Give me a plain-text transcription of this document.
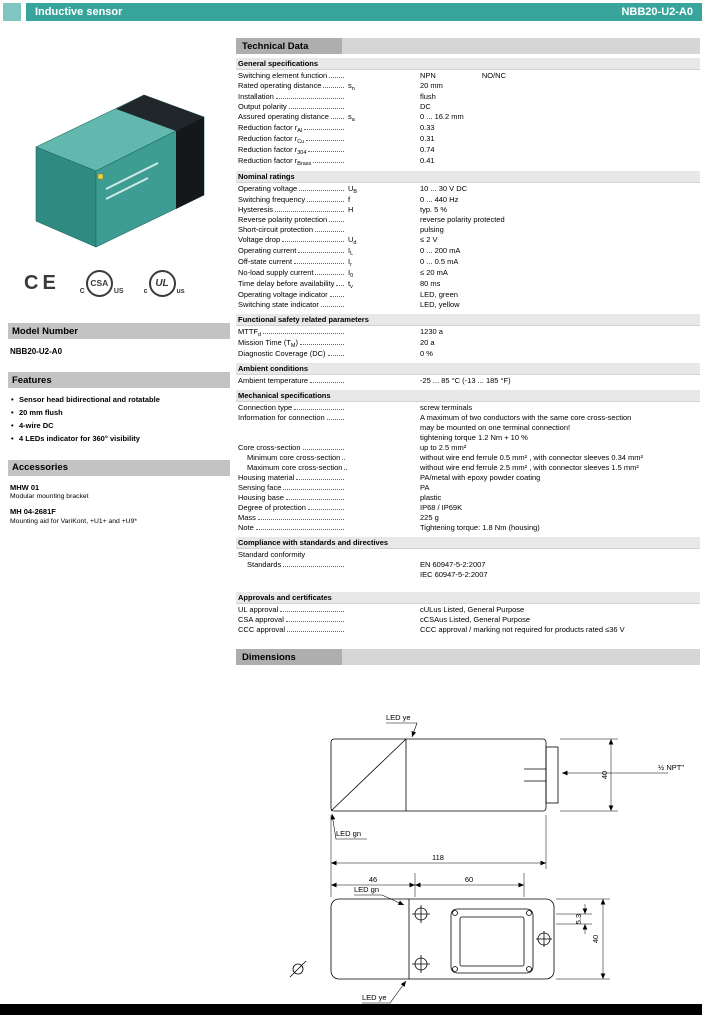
Inductive sensor	NBB20-U2-A0
CE	C
CSA
US	c
UL
us
Model Number
NBB20-U2-A0
Features
• Sensor head bidirectional and rotatable
• 20 mm flush
• 4-wire DC
• 4 LEDs indicator for 360° visibility
Accessories
MHW 01
Modular mounting bracket
MH 04-2681F
Mounting aid for VariKont, +U1+ and +U9*
Technical Data
General specifications
Switching element function	NPN	NO/NC
Rated operating distance	$s_n$	20 mm
Installation	flush
Output polarity	DC
Assured operating distance	$s_a$	0 ... 16.2 mm
Reduction factor $r_{Al}$	0.33
Reduction factor $r_{Cu}$	0.31
Reduction factor $r_{304}$	0.74
Reduction factor $r_{Brass}$	0.41
Nominal ratings
Operating voltage	$U_B$	10 ... 30 V DC
Switching frequency	f	0 ... 440 Hz
Hysteresis	H	typ. 5 %
Reverse polarity protection	reverse polarity protected
Short-circuit protection	pulsing
Voltage drop	$U_d$	≤ 2 V
Operating current	$I_L$	0 ... 200 mA
Off-state current	$I_r$	0 ... 0.5 mA
No-load supply current	$I_0$	≤ 20 mA
Time delay before availability $t_v$	80 ms
Operating voltage indicator	LED, green
Switching state indicator	LED, yellow
Functional safety related parameters
$MTTF_d$	1230 a
Mission Time $(T_M)$	20 a
Diagnostic Coverage (DC)	0 %
Ambient conditions
Ambient temperature	-25 ... 85 °C (-13 ... 185 °F)
Mechanical specifications
Connection type	screw terminals
Information for connection	A maximum of two conductors with the same core cross-section
may be mounted on one terminal connection!
tightening torque 1.2 Nm + 10 %
Core cross-section	up to 2.5 mm²
Minimum core cross-section	without wire end ferrule 0.5 mm² , with connector sleeves 0.34 mm²
Maximum core cross-section	without wire end ferrule 2.5 mm² , with connector sleeves 1.5 mm²
Housing material	PA/metal with epoxy powder coating
Sensing face	PA
Housing base	plastic
Degree of protection	IP68 / IP69K
Mass	225 g
Note	Tightening torque: 1.8 Nm (housing)
Compliance with standards and directives
Standard conformity
Standards	EN 60947-5-2:2007
IEC 60947-5-2:2007
Approvals and certificates
UL approval	cULus Listed, General Purpose
CSA approval	cCSAus Listed, General Purpose
CCC approval	CCC approval / marking not required for products rated ≤36 V
Dimensions
LED ye
LED gn
½ NPT"
40
118
46	60
LED gn
LED ye
5.3
40
